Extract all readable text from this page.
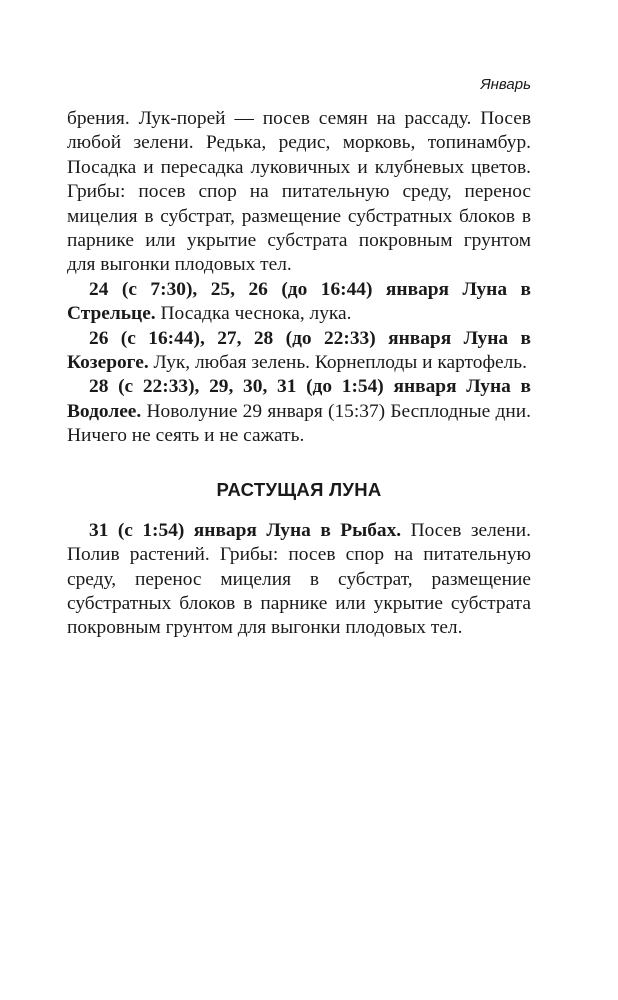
Январь

брения. Лук-порей — посев семян на рассаду. Посев любой зелени. Редька, редис, морковь, топинамбур. Посадка и пересадка луковичных и клубневых цветов. Грибы: посев спор на питательную среду, перенос мицелия в субстрат, размещение субстратных блоков в парнике или укрытие субстрата покровным грунтом для выгонки плодовых тел.

24 (с 7:30), 25, 26 (до 16:44) января Луна в Стрельце. Посадка чеснока, лука.

26 (с 16:44), 27, 28 (до 22:33) января Луна в Козероге. Лук, любая зелень. Корнеплоды и картофель.

28 (с 22:33), 29, 30, 31 (до 1:54) января Луна в Водолее. Новолуние 29 января (15:37) Бесплодные дни. Ничего не сеять и не сажать.

РАСТУЩАЯ ЛУНА

31 (с 1:54) января Луна в Рыбах. Посев зелени. Полив растений. Грибы: посев спор на питательную среду, перенос мицелия в субстрат, размещение субстратных блоков в парнике или укрытие субстрата покровным грунтом для выгонки плодовых тел.
